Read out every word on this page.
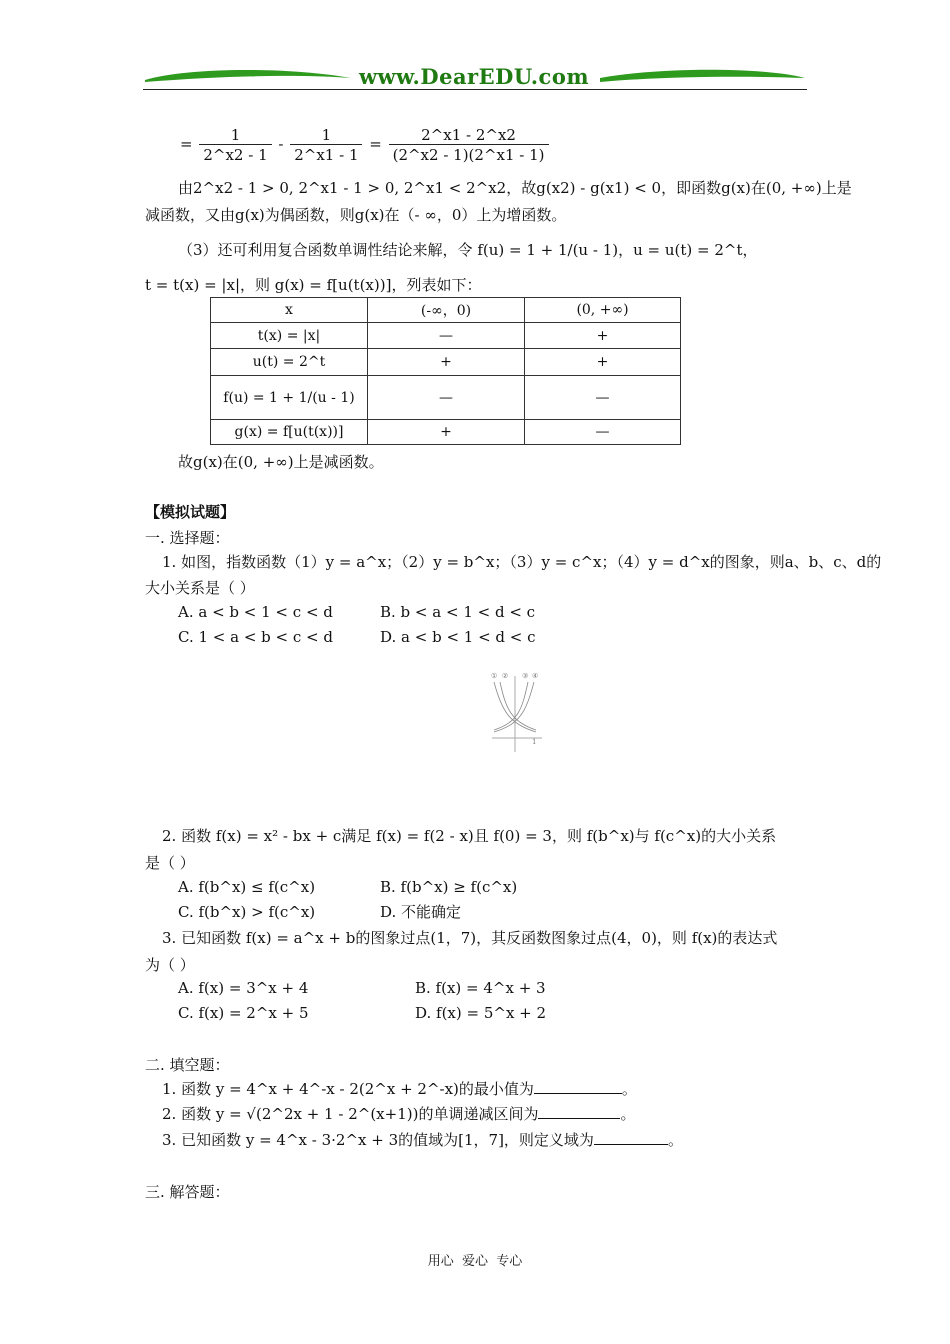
www.DearEDU.com
= $\frac{1}{2\^{}x2 - 1} - \frac{1}{2\^{}x1 - 1} = \frac{2\^{}x1 - 2\^{}x2}{(2\^{}x2 - 1)(2\^{}x1 - 1)}$
由2^x2 - 1 > 0, 2^x1 - 1 > 0, 2^x1 < 2^x2，故g(x2) - g(x1) < 0，即函数g(x)在(0, +∞)上是
减函数，又由g(x)为偶函数，则g(x)在（- ∞，0）上为增函数。
（3）还可利用复合函数单调性结论来解，令 f(u) = 1 + 1/(u - 1)，u = u(t) = 2^t，
t = t(x) = |x|，则 g(x) = f[u(t(x))]，列表如下：
x	(-∞，0)	(0, +∞)
t(x) = |x|	—	+
u(t) = 2^t	+	+
f(u) = 1 + 1/(u - 1)	—	—
g(x) = f[u(t(x))]	+	—
故g(x)在(0, +∞)上是减函数。
【模拟试题】
一. 选择题：
1. 如图，指数函数（1）y = a^x；（2）y = b^x；（3）y = c^x；（4）y = d^x的图象，则a、b、c、d的
大小关系是（ ）
A. a < b < 1 < c < d	B. b < a < 1 < d < c
C. 1 < a < b < c < d	D. a < b < 1 < d < c
① ② ③ ④
1
2. 函数 f(x) = x² - bx + c满足 f(x) = f(2 - x)且 f(0) = 3，则 f(b^x)与 f(c^x)的大小关系
是（ ）
A. f(b^x) ≤ f(c^x)	B. f(b^x) ≥ f(c^x)
C. f(b^x) > f(c^x)	D. 不能确定
3. 已知函数 f(x) = a^x + b的图象过点(1，7)，其反函数图象过点(4，0)，则 f(x)的表达式
为（ ）
A. f(x) = 3^x + 4	B. f(x) = 4^x + 3
C. f(x) = 2^x + 5	D. f(x) = 5^x + 2
二. 填空题：
1. 函数 y = 4^x + 4^-x - 2(2^x + 2^-x)的最小值为	。
2. 函数 y = √(2^2x + 1 - 2^(x+1))的单调递减区间为	。
3. 已知函数 y = 4^x - 3·2^x + 3的值域为[1，7]，则定义域为	。
三. 解答题：
用心  爱心  专心
